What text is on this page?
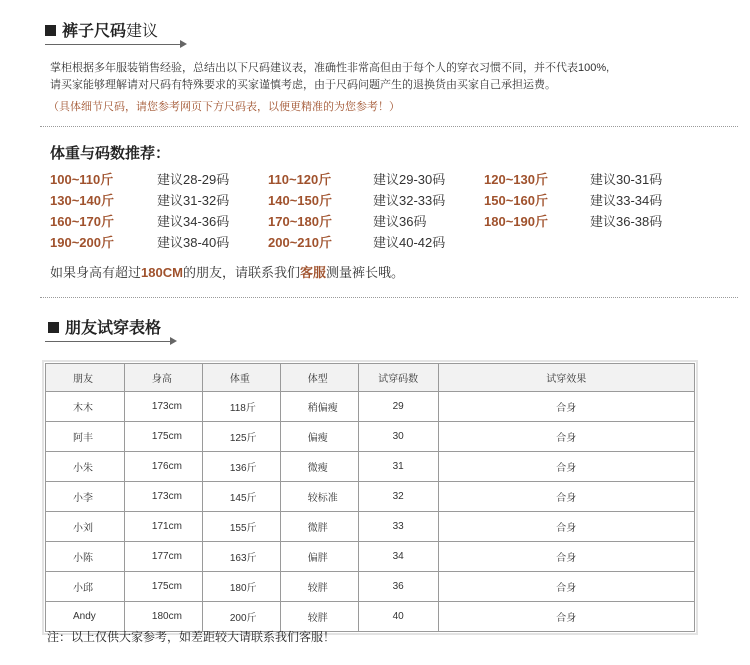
裤子尺码建议
掌柜根据多年服装销售经验，总结出以下尺码建议表，准确性非常高但由于每个人的穿衣习惯不同，并不代表100%,
请买家能够理解请对尺码有特殊要求的买家谨慎考虑，由于尺码问题产生的退换货由买家自己承担运费。
（具体细节尺码，请您参考网页下方尺码表，以便更精准的为您参考！）
体重与码数推荐：
100~110斤	建议28-29码	110~120斤	建议29-30码	120~130斤	建议30-31码
130~140斤	建议31-32码	140~150斤	建议32-33码	150~160斤	建议33-34码
160~170斤	建议34-36码	170~180斤	建议36码	180~190斤	建议36-38码
190~200斤	建议38-40码	200~210斤	建议40-42码
如果身高有超过180CM的朋友，请联系我们客服测量裤长哦。
朋友试穿表格
朋友	身高	体重	体型	试穿码数	试穿效果
木木	173cm	118斤	稍偏瘦	29	合身
阿丰	175cm	125斤	偏瘦	30	合身
小朱	176cm	136斤	微瘦	31	合身
小李	173cm	145斤	较标准	32	合身
小刘	171cm	155斤	微胖	33	合身
小陈	177cm	163斤	偏胖	34	合身
小邱	175cm	180斤	较胖	36	合身
Andy	180cm	200斤	较胖	40	合身
注：以上仅供大家参考，如差距较大请联系我们客服！
